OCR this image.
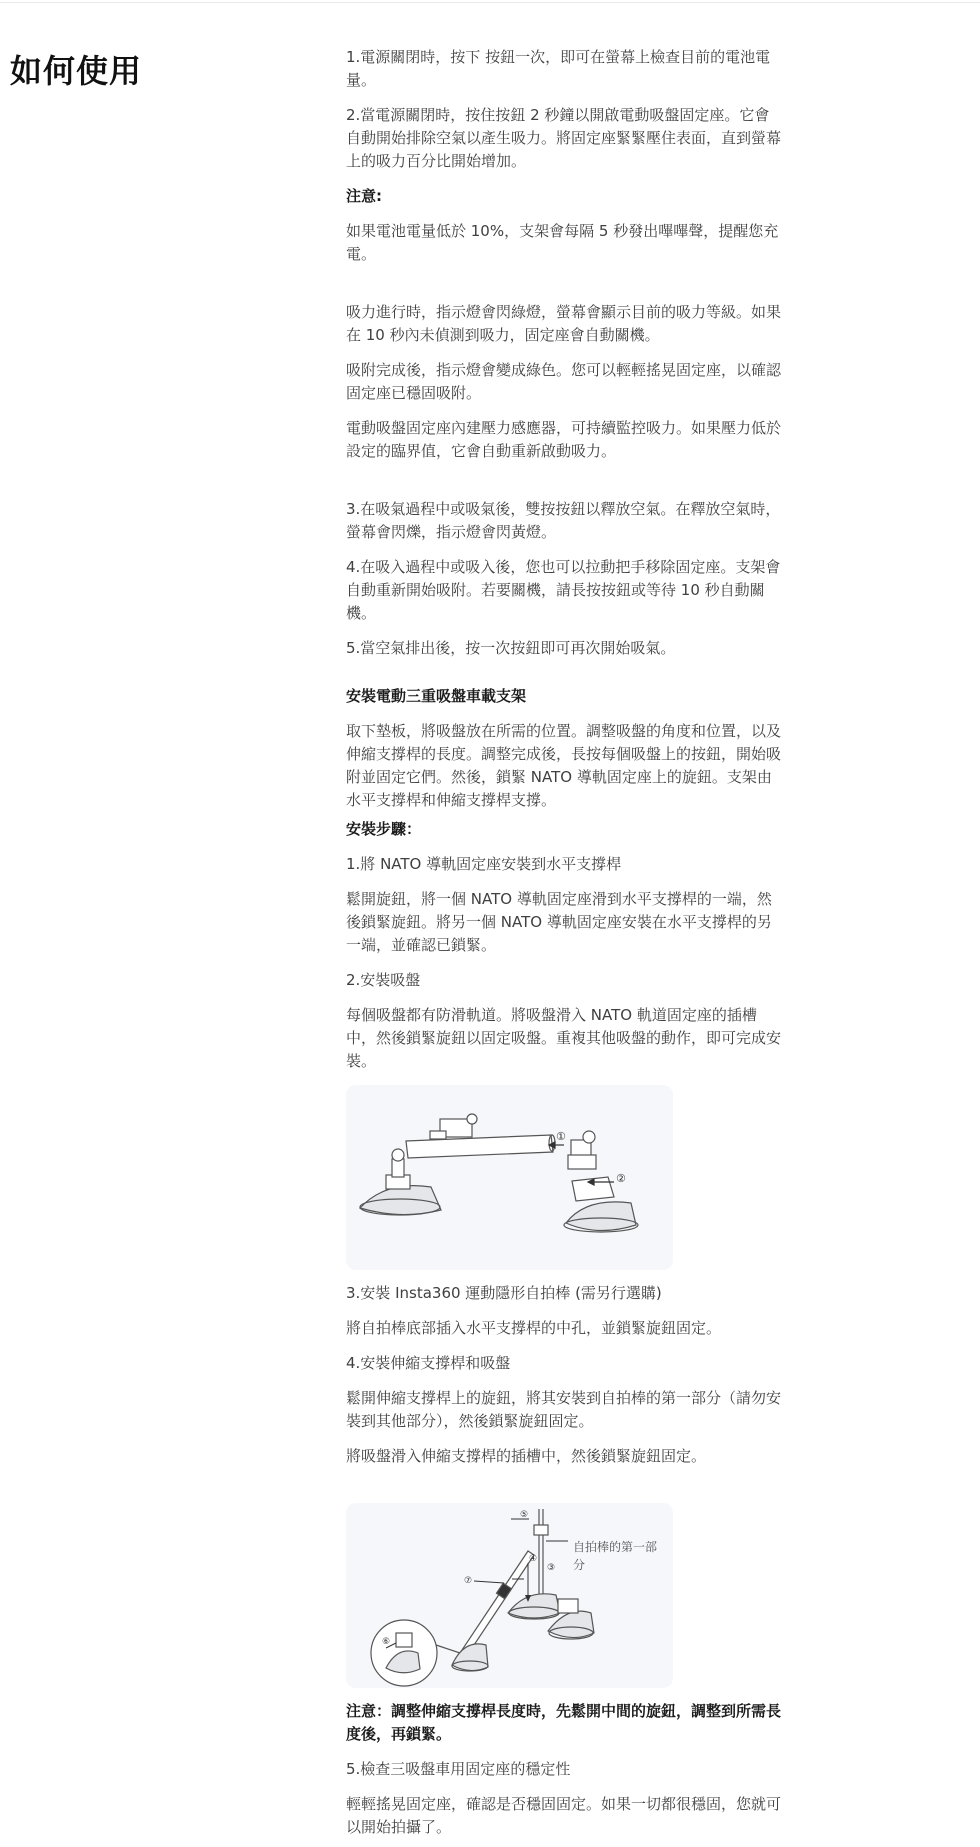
如何使用	1.電源關閉時，按下 按鈕一次，即可在螢幕上檢查目前的電池電量。

2.當電源關閉時，按住按鈕 2 秒鐘以開啟電動吸盤固定座。它會自動開始排除空氣以產生吸力。將固定座緊緊壓住表面，直到螢幕上的吸力百分比開始增加。

注意:

如果電池電量低於 10%，支架會每隔 5 秒發出嗶嗶聲，提醒您充電。

吸力進行時，指示燈會閃綠燈，螢幕會顯示目前的吸力等級。如果在 10 秒內未偵測到吸力，固定座會自動關機。

吸附完成後，指示燈會變成綠色。您可以輕輕搖晃固定座，以確認固定座已穩固吸附。

電動吸盤固定座內建壓力感應器，可持續監控吸力。如果壓力低於設定的臨界值，它會自動重新啟動吸力。

3.在吸氣過程中或吸氣後，雙按按鈕以釋放空氣。在釋放空氣時，螢幕會閃爍，指示燈會閃黃燈。

4.在吸入過程中或吸入後，您也可以拉動把手移除固定座。支架會自動重新開始吸附。若要關機，請長按按鈕或等待 10 秒自動關機。

5.當空氣排出後，按一次按鈕即可再次開始吸氣。

安裝電動三重吸盤車載支架

取下墊板，將吸盤放在所需的位置。調整吸盤的角度和位置，以及伸縮支撐桿的長度。調整完成後，長按每個吸盤上的按鈕，開始吸附並固定它們。然後，鎖緊 NATO 導軌固定座上的旋鈕。支架由水平支撐桿和伸縮支撐桿支撐。

安裝步驟：

1.將 NATO 導軌固定座安裝到水平支撐桿

鬆開旋鈕，將一個 NATO 導軌固定座滑到水平支撐桿的一端，然後鎖緊旋鈕。將另一個 NATO 導軌固定座安裝在水平支撐桿的另一端，並確認已鎖緊。

2.安裝吸盤

每個吸盤都有防滑軌道。將吸盤滑入 NATO 軌道固定座的插槽中，然後鎖緊旋鈕以固定吸盤。重複其他吸盤的動作，即可完成安裝。

①
②

3.安裝 Insta360 運動隱形自拍棒 (需另行選購)

將自拍棒底部插入水平支撐桿的中孔，並鎖緊旋鈕固定。

4.安裝伸縮支撐桿和吸盤

鬆開伸縮支撐桿上的旋鈕，將其安裝到自拍棒的第一部分（請勿安裝到其他部分），然後鎖緊旋鈕固定。

將吸盤滑入伸縮支撐桿的插槽中，然後鎖緊旋鈕固定。

③
④
⑤
⑥
⑦

自拍棒的第一部分

注意：調整伸縮支撐桿長度時，先鬆開中間的旋鈕，調整到所需長度後，再鎖緊。

5.檢查三吸盤車用固定座的穩定性

輕輕搖晃固定座，確認是否穩固固定。如果一切都很穩固，您就可以開始拍攝了。
